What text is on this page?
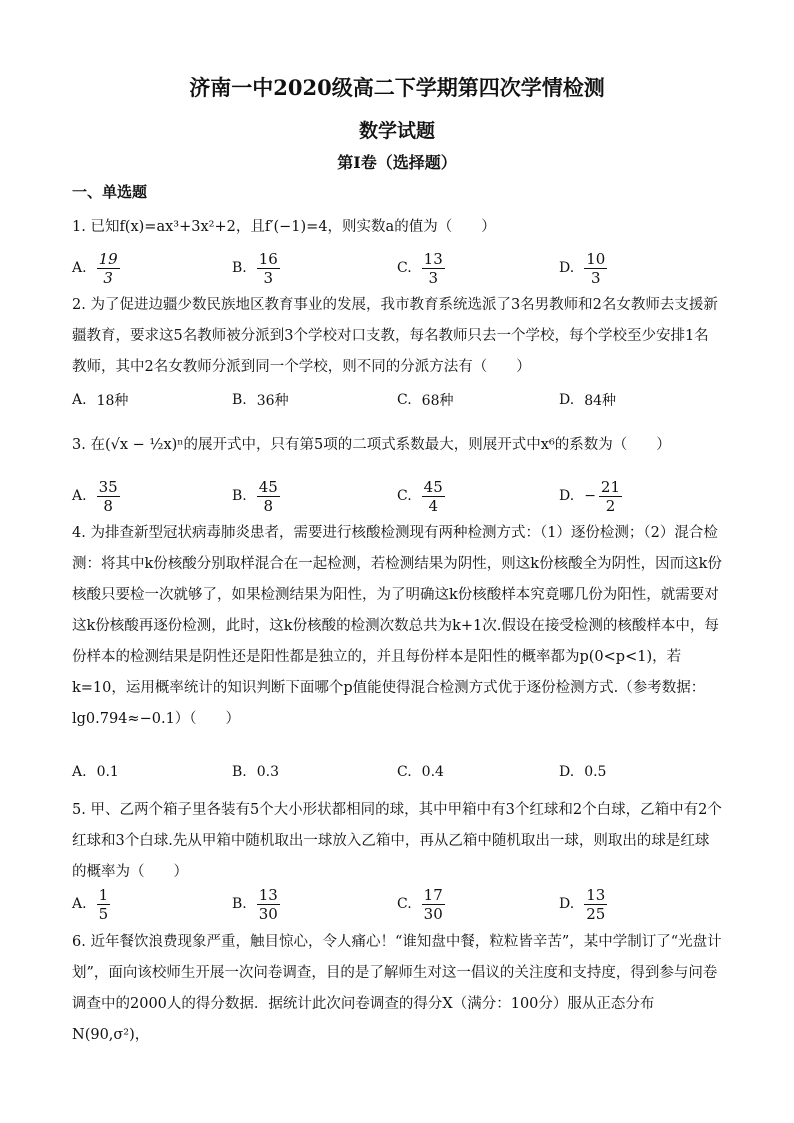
济南一中2020级高二下学期第四次学情检测
数学试题
第Ⅰ卷（选择题）
一、单选题
1. 已知f(x)=ax³+3x²+2，且f′(−1)=4，则实数a的值为（　　）
A. $\frac{19}{3}$	B. $\frac{16}{3}$	C. $\frac{13}{3}$	D. $\frac{10}{3}$
2. 为了促进边疆少数民族地区教育事业的发展，我市教育系统选派了3名男教师和2名女教师去支援新疆教育，要求这5名教师被分派到3个学校对口支教，每名教师只去一个学校，每个学校至少安排1名教师，其中2名女教师分派到同一个学校，则不同的分派方法有（　　）
A. 18种	B. 36种	C. 68种	D. 84种
3. 在(√x − ½x)ⁿ的展开式中，只有第5项的二项式系数最大，则展开式中x⁶的系数为（　　）
A. $\frac{35}{8}$	B. $\frac{45}{8}$	C. $\frac{45}{4}$	D. − $\frac{21}{2}$
4. 为排查新型冠状病毒肺炎患者，需要进行核酸检测现有两种检测方式：（1）逐份检测；（2）混合检测：将其中k份核酸分别取样混合在一起检测，若检测结果为阴性，则这k份核酸全为阴性，因而这k份核酸只要检一次就够了，如果检测结果为阳性，为了明确这k份核酸样本究竟哪几份为阳性，就需要对这k份核酸再逐份检测，此时，这k份核酸的检测次数总共为k+1次.假设在接受检测的核酸样本中，每份样本的检测结果是阴性还是阳性都是独立的，并且每份样本是阳性的概率都为p(0<p<1)，若k=10，运用概率统计的知识判断下面哪个p值能使得混合检测方式优于逐份检测方式.（参考数据：lg0.794≈−0.1）（　　）
A. 0.1	B. 0.3	C. 0.4	D. 0.5
5. 甲、乙两个箱子里各装有5个大小形状都相同的球，其中甲箱中有3个红球和2个白球，乙箱中有2个红球和3个白球.先从甲箱中随机取出一球放入乙箱中，再从乙箱中随机取出一球，则取出的球是红球的概率为（　　）
A. $\frac{1}{5}$	B. $\frac{13}{30}$	C. $\frac{17}{30}$	D. $\frac{13}{25}$
6. 近年餐饮浪费现象严重，触目惊心，令人痛心！“谁知盘中餐，粒粒皆辛苦”，某中学制订了“光盘计划”，面向该校师生开展一次问卷调查，目的是了解师生对这一倡议的关注度和支持度，得到参与问卷调查中的2000人的得分数据．据统计此次问卷调查的得分X（满分：100分）服从正态分布N(90,σ²)，
